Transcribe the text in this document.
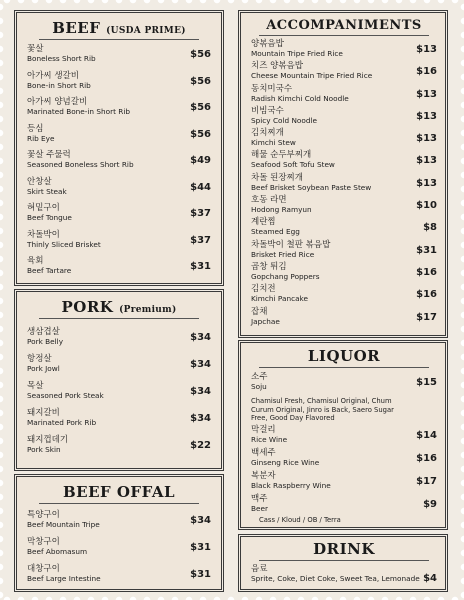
BEEF (USDA PRIME)
꽃살
Boneless Short Rib	$56
아가씨 생갈비
Bone-in Short Rib	$56
아가씨 양념갈비
Marinated Bone-in Short Rib	$56
등심
Rib Eye	$56
꽃살 주물럭
Seasoned Boneless Short Rib	$49
안창살
Skirt Steak	$44
혀밑구이
Beef Tongue	$37
차돌박이
Thinly Sliced Brisket	$37
육회
Beef Tartare	$31
PORK (Premium)
생삼겹살
Pork Belly	$34
항정살
Pork Jowl	$34
목살
Seasoned Pork Steak	$34
돼지갈비
Marinated Pork Rib	$34
돼지껍데기
Pork Skin	$22
BEEF OFFAL
특양구이
Beef Mountain Tripe	$34
막창구이
Beef Abomasum	$31
대창구이
Beef Large Intestine	$31
ACCOMPANIMENTS
양볶음밥
Mountain Tripe Fried Rice	$13
치즈 양볶음밥
Cheese Mountain Tripe Fried Rice	$16
동치미국수
Radish Kimchi Cold Noodle	$13
비빔국수
Spicy Cold Noodle	$13
김치찌개
Kimchi Stew	$13
해물 순두부찌개
Seafood Soft Tofu Stew	$13
차돌 된장찌개
Beef Brisket Soybean Paste Stew	$13
호동 라면
Hodong Ramyun	$10
계란찜
Steamed Egg	$8
차돌박이 철판 볶음밥
Brisket Fried Rice	$31
곱창 튀김
Gopchang Poppers	$16
김치전
Kimchi Pancake	$16
잡채
Japchae	$17
LIQUOR
소주
Soju	$15
Chamisul Fresh, Chamisul Original, Chum Curum Original, Jinro is Back, Saero Sugar Free, Good Day Flavored
막걸리
Rice Wine	$14
백세주
Ginseng Rice Wine	$16
복분자
Black Raspberry Wine	$17
맥주
Beer	$9
Cass / Kloud / OB / Terra
DRINK
음료
Sprite, Coke, Diet Coke, Sweet Tea, Lemonade $4
